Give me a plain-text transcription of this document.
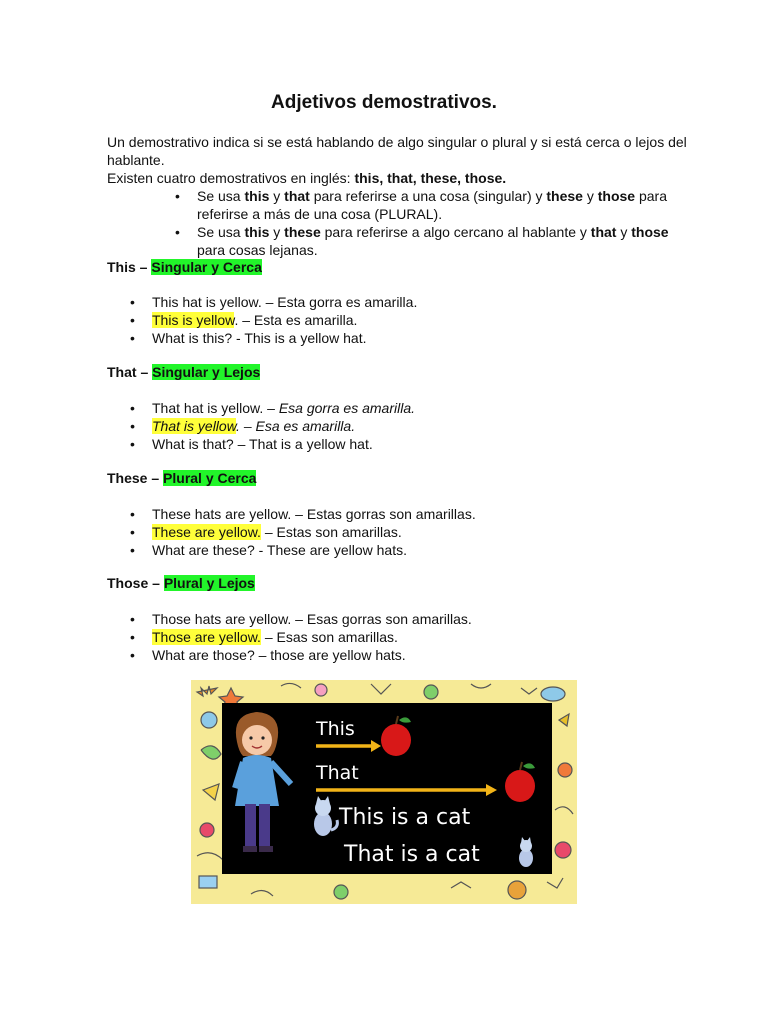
Adjetivos demostrativos.

Un demostrativo indica si se está hablando de algo singular o plural y si está cerca o lejos del hablante.

Existen cuatro demostrativos en inglés: this, that, these, those.

• Se usa this y that para referirse a una cosa (singular) y these y those para referirse a más de una cosa (PLURAL).
• Se usa this y these para referirse a algo cercano al hablante y that y those para cosas lejanas.
This – Singular y Cerca
• This hat is yellow. – Esta gorra es amarilla.
• This is yellow. – Esta es amarilla.
• What is this? - This is a yellow hat.
That – Singular y Lejos
• That hat is yellow. – Esa gorra es amarilla.
• That is yellow. – Esa es amarilla.
• What is that? – That is a yellow hat.
These – Plural y Cerca
• These hats are yellow. – Estas gorras son amarillas.
• These are yellow. – Estas son amarillas.
• What are these? - These are yellow hats.
Those – Plural y Lejos
• Those hats are yellow. – Esas gorras son amarillas.
• Those are yellow. – Esas son amarillas.
• What are those? – those are yellow hats.
This
That
This is a cat
That is a cat
